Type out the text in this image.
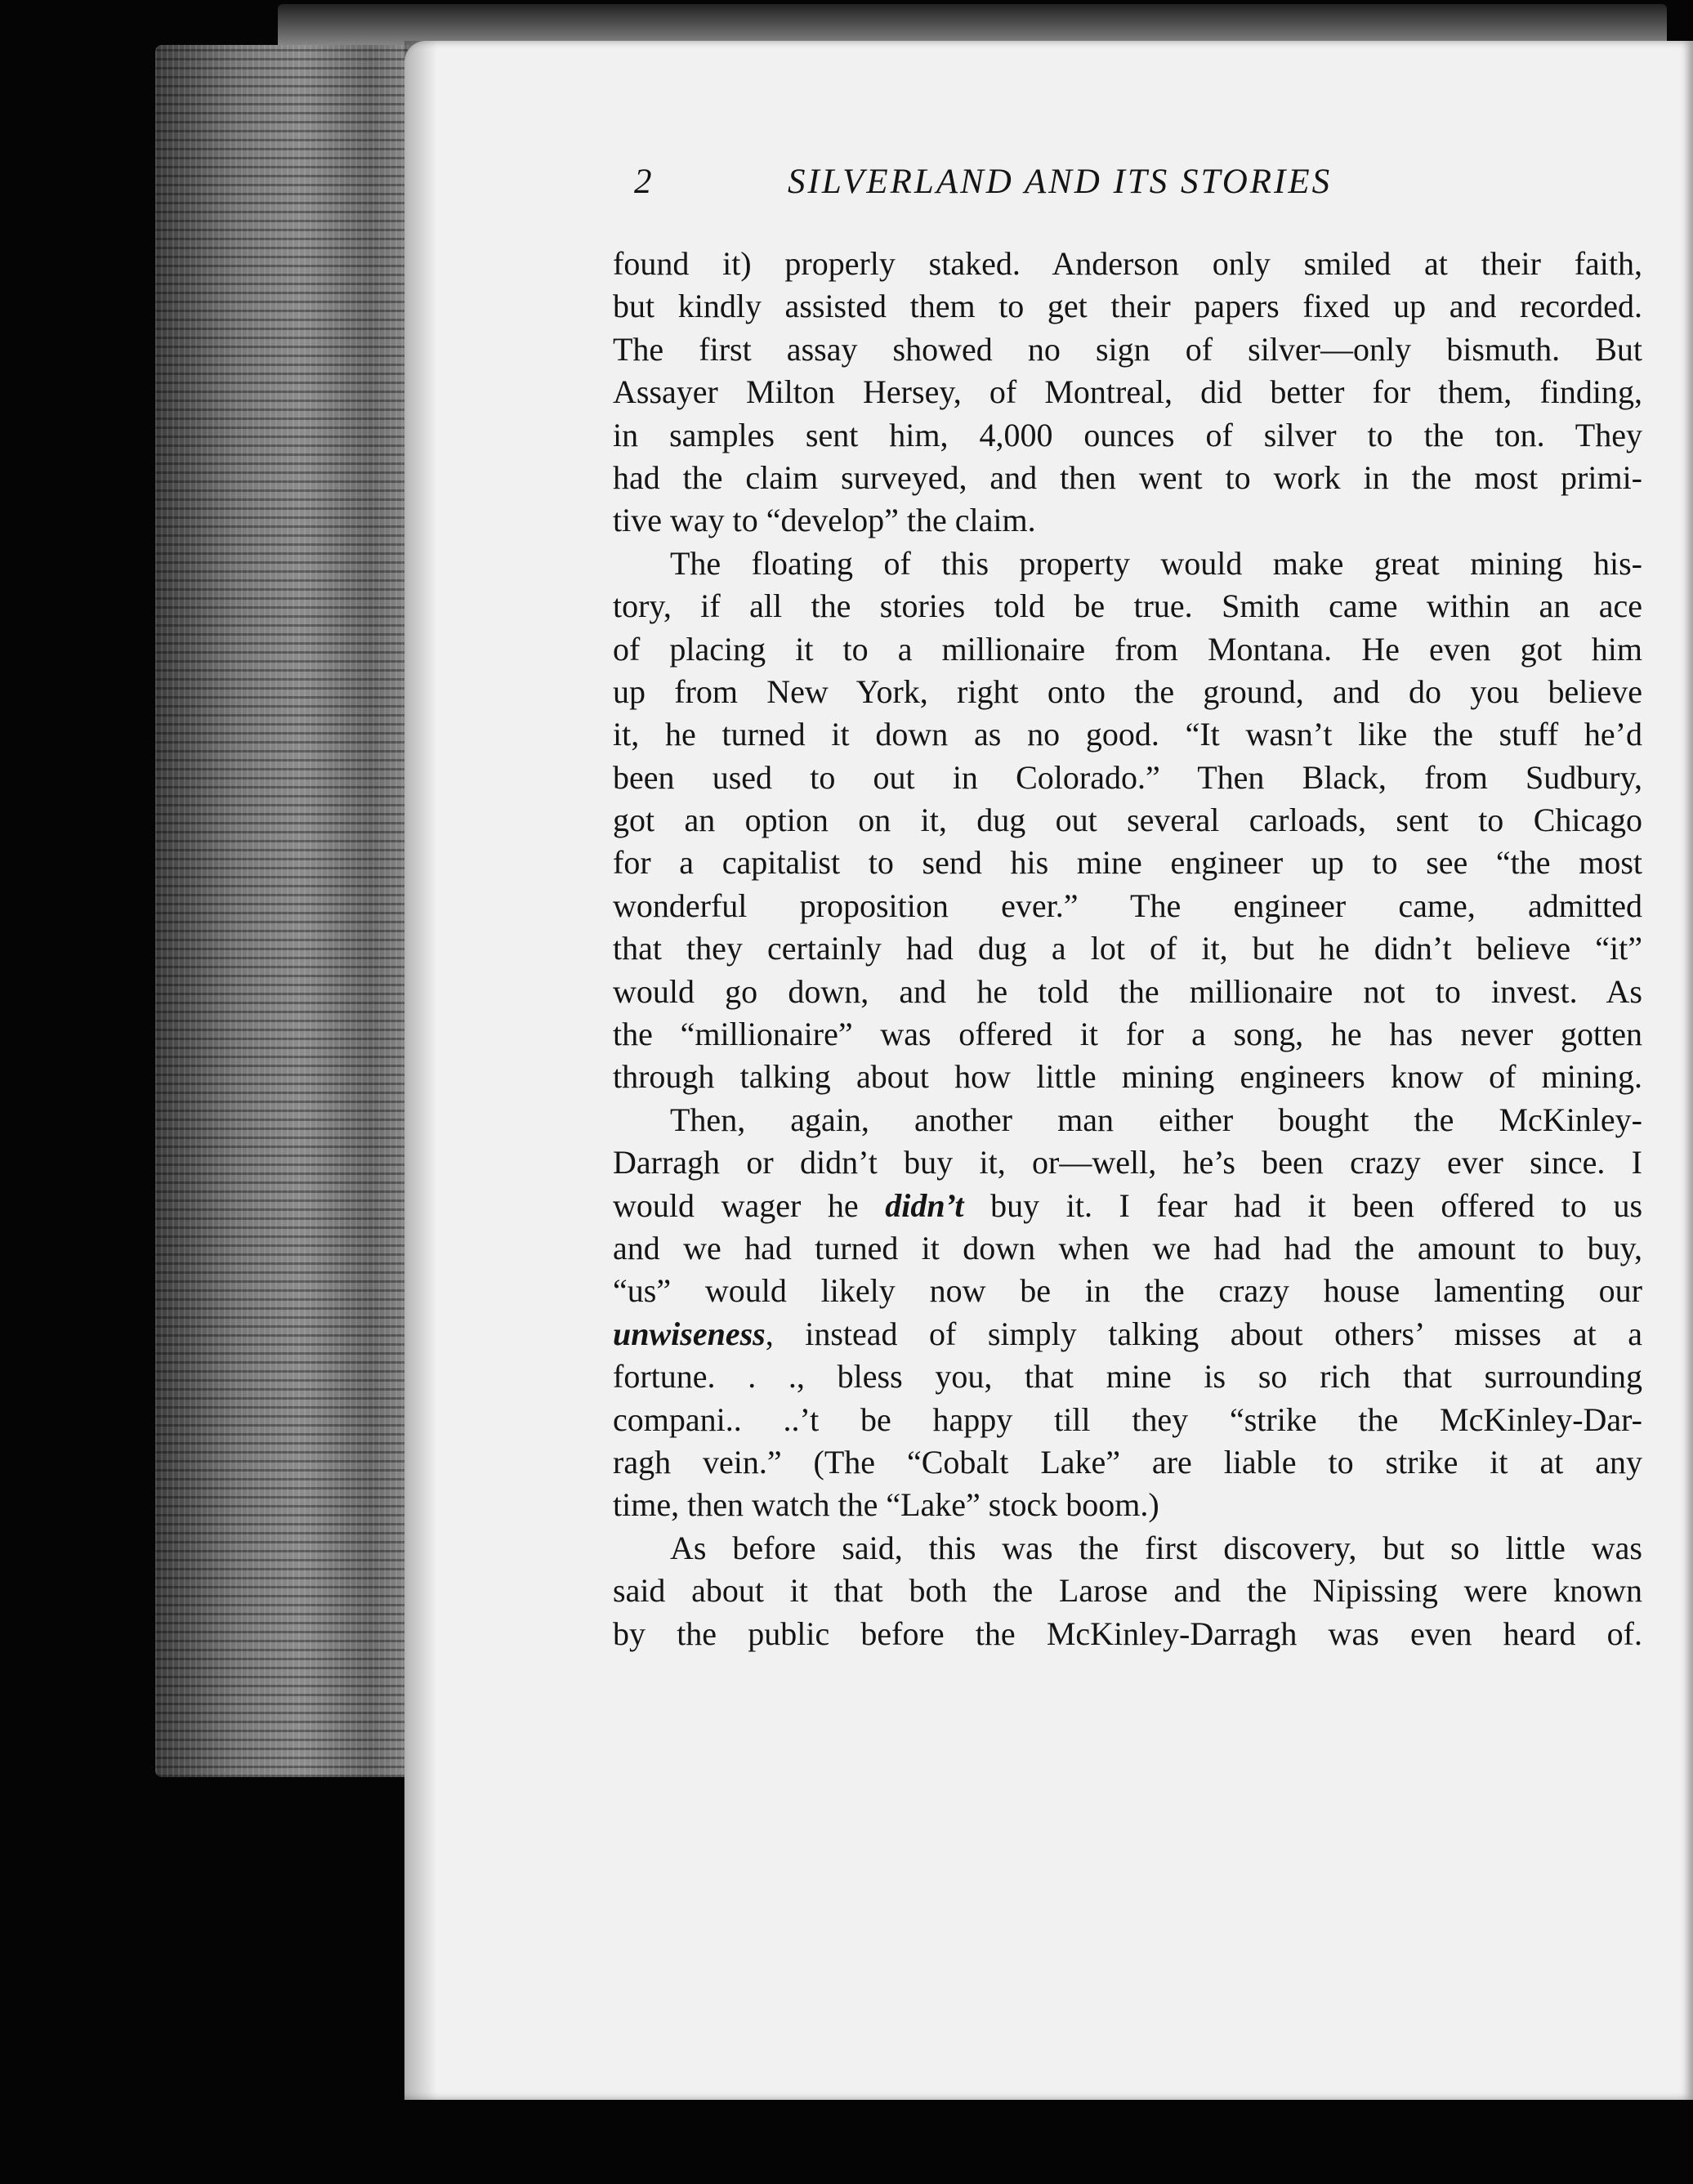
2	SILVERLAND AND ITS STORIES
found it) properly staked. Anderson only smiled at their faith,
but kindly assisted them to get their papers fixed up and recorded.
The first assay showed no sign of silver—only bismuth. But
Assayer Milton Hersey, of Montreal, did better for them, finding,
in samples sent him, 4,000 ounces of silver to the ton. They
had the claim surveyed, and then went to work in the most primi-
tive way to “develop” the claim.
The floating of this property would make great mining his-
tory, if all the stories told be true. Smith came within an ace
of placing it to a millionaire from Montana. He even got him
up from New York, right onto the ground, and do you believe
it, he turned it down as no good. “It wasn’t like the stuff he’d
been used to out in Colorado.” Then Black, from Sudbury,
got an option on it, dug out several carloads, sent to Chicago
for a capitalist to send his mine engineer up to see “the most
wonderful proposition ever.” The engineer came, admitted
that they certainly had dug a lot of it, but he didn’t believe “it”
would go down, and he told the millionaire not to invest. As
the “millionaire” was offered it for a song, he has never gotten
through talking about how little mining engineers know of mining.
Then, again, another man either bought the McKinley-
Darragh or didn’t buy it, or—well, he’s been crazy ever since. I
would wager he didn’t buy it. I fear had it been offered to us
and we had turned it down when we had had the amount to buy,
“us” would likely now be in the crazy house lamenting our
unwiseness, instead of simply talking about others’ misses at a
fortune. . ., bless you, that mine is so rich that surrounding
compani.. ..’t be happy till they “strike the McKinley-Dar-
ragh vein.” (The “Cobalt Lake” are liable to strike it at any
time, then watch the “Lake” stock boom.)
As before said, this was the first discovery, but so little was
said about it that both the Larose and the Nipissing were known
by the public before the McKinley-Darragh was even heard of.
